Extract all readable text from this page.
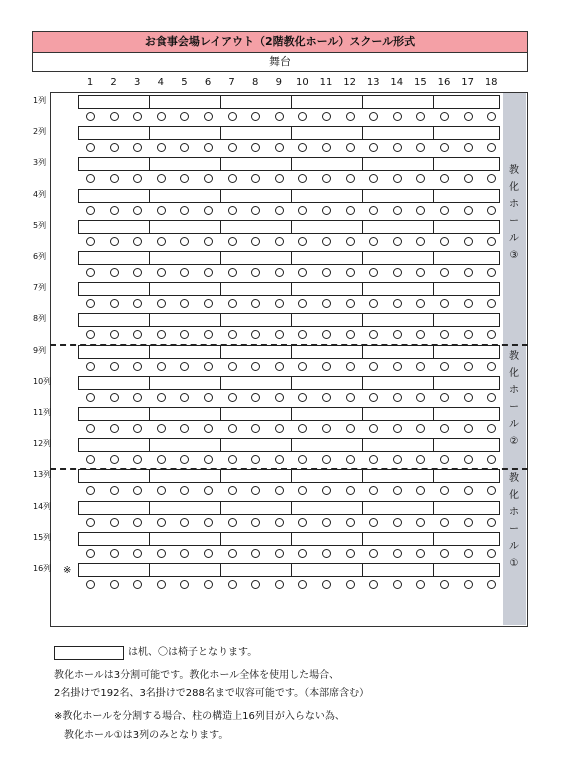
お食事会場レイアウト（2階教化ホール）スクール形式
舞台
1	2	3	4	5	6	7	8	9	10	11	12	13	14	15	16	17	18
1列
2列
3列
4列
5列
6列
7列
8列
9列
10列
11列
12列
13列
14列
15列
16列 ※
教
化
ホ
ー
ル
③
教
化
ホ
ー
ル
②
教
化
ホ
ー
ル
①
は机、〇は椅子となります。
教化ホールは3分割可能です。教化ホール全体を使用した場合、
2名掛けで192名、3名掛けで288名まで収容可能です。（本部席含む）
※教化ホールを分割する場合、柱の構造上16列目が入らない為、
　教化ホール①は3列のみとなります。
